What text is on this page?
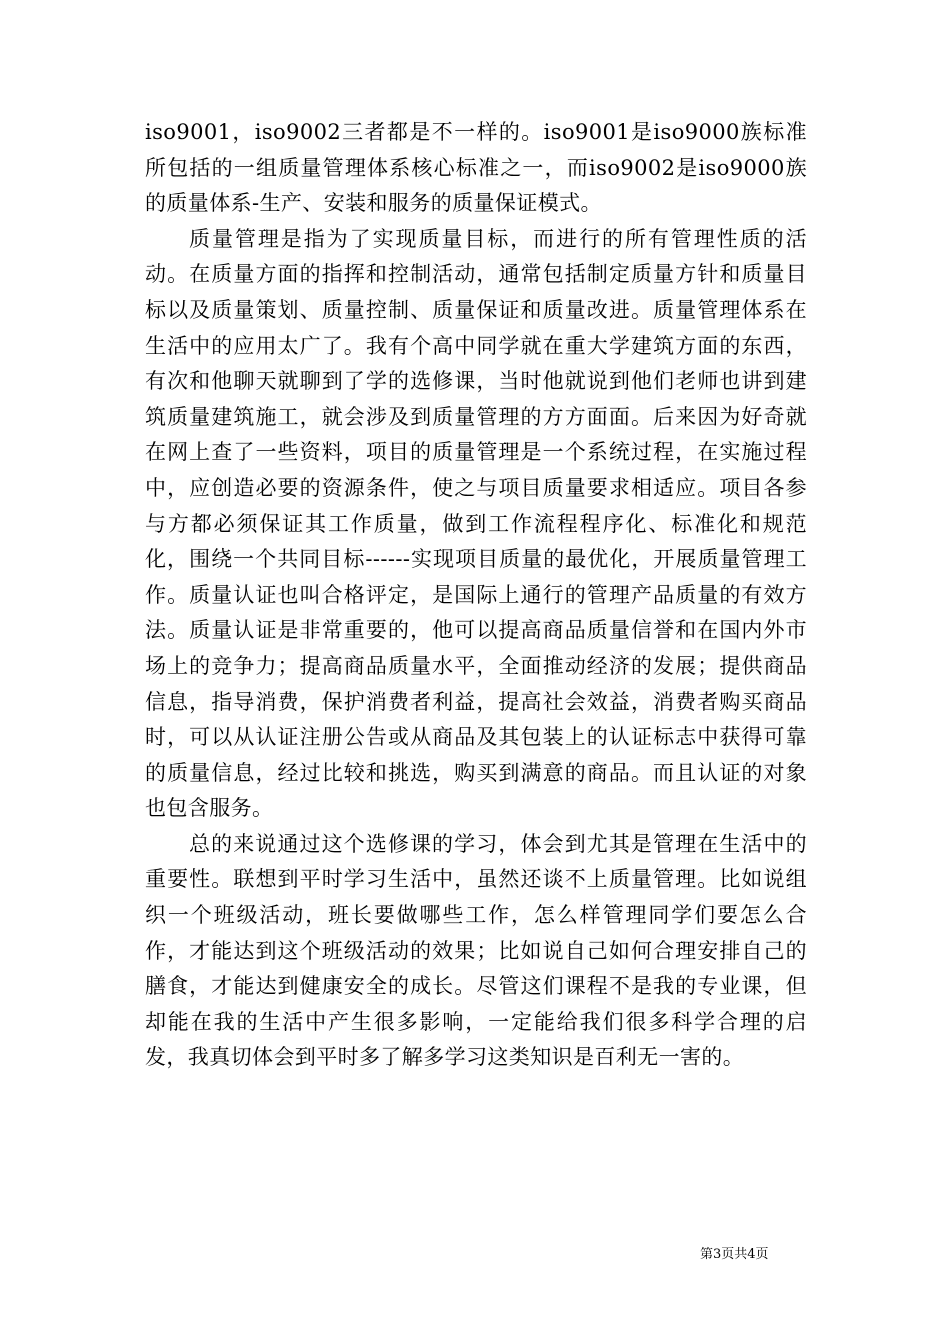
iso9001，iso9002三者都是不一样的。iso9001是iso9000族标准所包括的一组质量管理体系核心标准之一，而iso9002是iso9000族的质量体系-生产、安装和服务的质量保证模式。

质量管理是指为了实现质量目标，而进行的所有管理性质的活动。在质量方面的指挥和控制活动，通常包括制定质量方针和质量目标以及质量策划、质量控制、质量保证和质量改进。质量管理体系在生活中的应用太广了。我有个高中同学就在重大学建筑方面的东西，有次和他聊天就聊到了学的选修课，当时他就说到他们老师也讲到建筑质量建筑施工，就会涉及到质量管理的方方面面。后来因为好奇就在网上查了一些资料，项目的质量管理是一个系统过程，在实施过程中，应创造必要的资源条件，使之与项目质量要求相适应。项目各参与方都必须保证其工作质量，做到工作流程程序化、标准化和规范化，围绕一个共同目标------实现项目质量的最优化，开展质量管理工作。质量认证也叫合格评定，是国际上通行的管理产品质量的有效方法。质量认证是非常重要的，他可以提高商品质量信誉和在国内外市场上的竞争力；提高商品质量水平，全面推动经济的发展；提供商品信息，指导消费，保护消费者利益，提高社会效益，消费者购买商品时，可以从认证注册公告或从商品及其包装上的认证标志中获得可靠的质量信息，经过比较和挑选，购买到满意的商品。而且认证的对象也包含服务。

总的来说通过这个选修课的学习，体会到尤其是管理在生活中的重要性。联想到平时学习生活中，虽然还谈不上质量管理。比如说组织一个班级活动，班长要做哪些工作，怎么样管理同学们要怎么合作，才能达到这个班级活动的效果；比如说自己如何合理安排自己的膳食，才能达到健康安全的成长。尽管这们课程不是我的专业课，但却能在我的生活中产生很多影响，一定能给我们很多科学合理的启发，我真切体会到平时多了解多学习这类知识是百利无一害的。

第3页共4页
